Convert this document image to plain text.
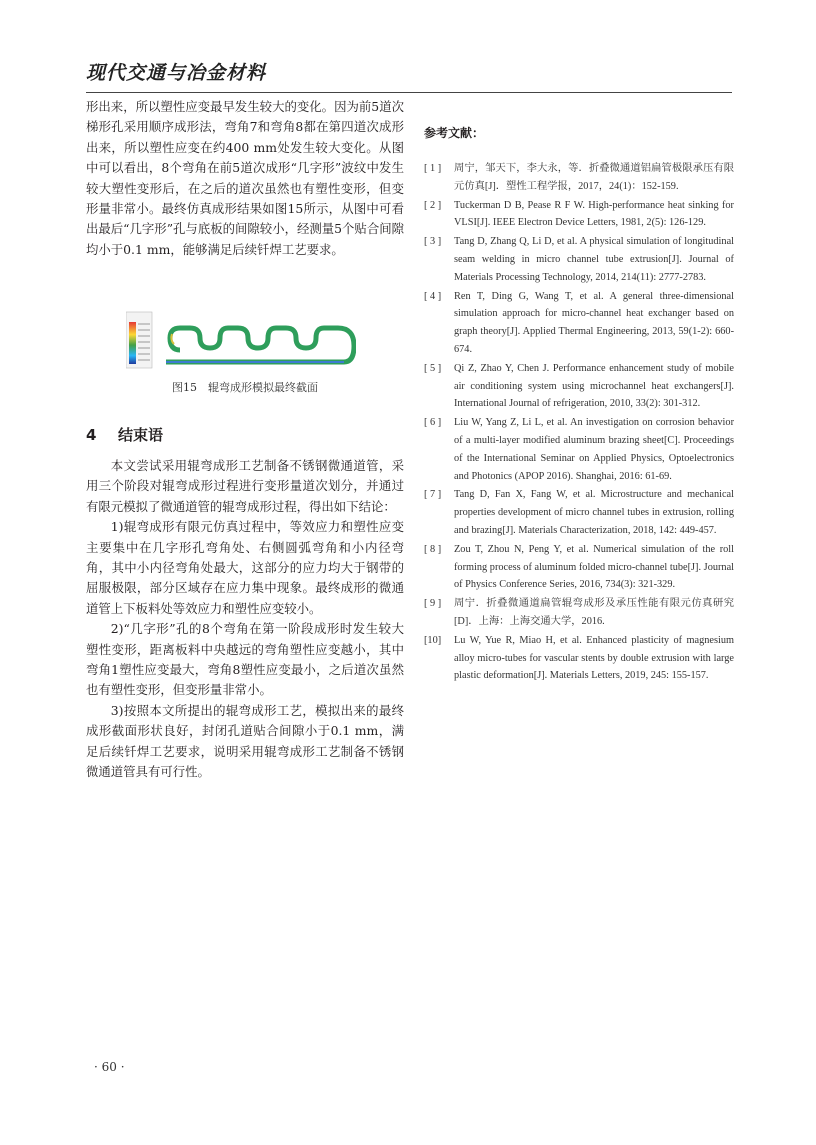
现代交通与冶金材料

形出来，所以塑性应变最早发生较大的变化。因为前5道次梯形孔采用顺序成形法，弯角7和弯角8都在第四道次成形出来，所以塑性应变在约400 mm处发生较大变化。从图中可以看出，8个弯角在前5道次成形“几字形”波纹中发生较大塑性变形后，在之后的道次虽然也有塑性变形，但变形量非常小。最终仿真成形结果如图15所示，从图中可看出最后“几字形”孔与底板的间隙较小，经测量5个贴合间隙均小于0.1 mm，能够满足后续钎焊工艺要求。

图15　辊弯成形模拟最终截面
4 结束语

本文尝试采用辊弯成形工艺制备不锈钢微通道管，采用三个阶段对辊弯成形过程进行变形量道次划分，并通过有限元模拟了微通道管的辊弯成形过程，得出如下结论：

1)辊弯成形有限元仿真过程中，等效应力和塑性应变主要集中在几字形孔弯角处、右侧圆弧弯角和小内径弯角，其中小内径弯角处最大，这部分的应力均大于钢带的屈服极限，部分区域存在应力集中现象。最终成形的微通道管上下板料处等效应力和塑性应变较小。

2)“几字形”孔的8个弯角在第一阶段成形时发生较大塑性变形，距离板料中央越远的弯角塑性应变越小，其中弯角1塑性应变最大，弯角8塑性应变最小，之后道次虽然也有塑性变形，但变形量非常小。

3)按照本文所提出的辊弯成形工艺，模拟出来的最终成形截面形状良好，封闭孔道贴合间隙小于0.1 mm，满足后续钎焊工艺要求，说明采用辊弯成形工艺制备不锈钢微通道管具有可行性。

参考文献：
[ 1 ]	周宁，邹天下，李大永，等．折叠微通道铝扁管极限承压有限元仿真[J]．塑性工程学报，2017，24(1)：152-159.
[ 2 ]	Tuckerman D B, Pease R F W. High-performance heat sinking for VLSI[J]. IEEE Electron Device Letters, 1981, 2(5): 126-129.
[ 3 ]	Tang D, Zhang Q, Li D, et al. A physical simulation of longitudinal seam welding in micro channel tube extrusion[J]. Journal of Materials Processing Technology, 2014, 214(11): 2777-2783.
[ 4 ]	Ren T, Ding G, Wang T, et al. A general three-dimensional simulation approach for micro-channel heat exchanger based on graph theory[J]. Applied Thermal Engineering, 2013, 59(1-2): 660-674.
[ 5 ]	Qi Z, Zhao Y, Chen J. Performance enhancement study of mobile air conditioning system using microchannel heat exchangers[J]. International Journal of refrigeration, 2010, 33(2): 301-312.
[ 6 ]	Liu W, Yang Z, Li L, et al. An investigation on corrosion behavior of a multi-layer modified aluminum brazing sheet[C]. Proceedings of the International Seminar on Applied Physics, Optoelectronics and Photonics (APOP 2016). Shanghai, 2016: 61-69.
[ 7 ]	Tang D, Fan X, Fang W, et al. Microstructure and mechanical properties development of micro channel tubes in extrusion, rolling and brazing[J]. Materials Characterization, 2018, 142: 449-457.
[ 8 ]	Zou T, Zhou N, Peng Y, et al. Numerical simulation of the roll forming process of aluminum folded micro-channel tube[J]. Journal of Physics Conference Series, 2016, 734(3): 321-329.
[ 9 ]	周宁．折叠微通道扁管辊弯成形及承压性能有限元仿真研究[D]．上海：上海交通大学，2016.
[10]	Lu W, Yue R, Miao H, et al. Enhanced plasticity of magnesium alloy micro-tubes for vascular stents by double extrusion with large plastic deformation[J]. Materials Letters, 2019, 245: 155-157.
· 60 ·
